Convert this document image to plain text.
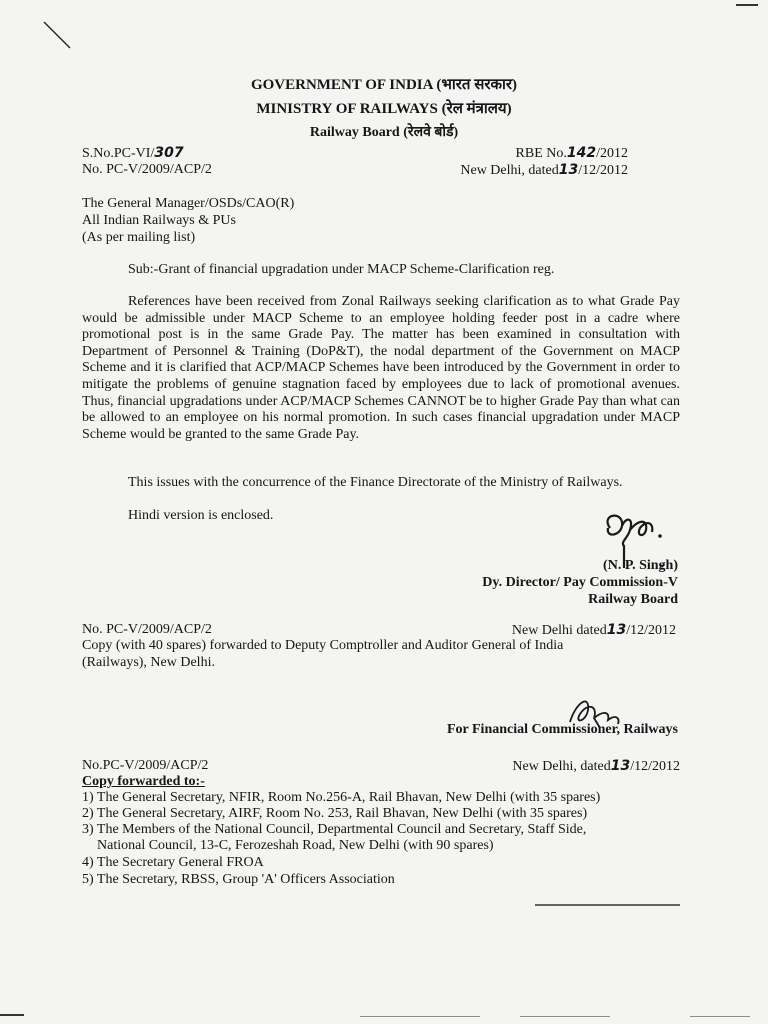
GOVERNMENT OF INDIA (भारत सरकार)
MINISTRY OF RAILWAYS (रेल मंत्रालय)
Railway Board (रेलवे बोर्ड)
S.No.PC-VI/307
No. PC-V/2009/ACP/2
RBE No.142/2012
New Delhi, dated13/12/2012
The General Manager/OSDs/CAO(R)
All Indian Railways & PUs
(As per mailing list)
Sub:-Grant of financial upgradation under MACP Scheme-Clarification reg.
References have been received from Zonal Railways seeking clarification as to what Grade Pay would be admissible under MACP Scheme to an employee holding feeder post in a cadre where promotional post is in the same Grade Pay. The matter has been examined in consultation with Department of Personnel & Training (DoP&T), the nodal department of the Government on MACP Scheme and it is clarified that ACP/MACP Schemes have been introduced by the Government in order to mitigate the problems of genuine stagnation faced by employees due to lack of promotional avenues. Thus, financial upgradations under ACP/MACP Schemes CANNOT be to higher Grade Pay than what can be allowed to an employee on his normal promotion. In such cases financial upgradation under MACP Scheme would be granted to the same Grade Pay.
This issues with the concurrence of the Finance Directorate of the Ministry of Railways.
Hindi version is enclosed.
(N. P. Singh)
Dy. Director/ Pay Commission-V
Railway Board
No. PC-V/2009/ACP/2	New Delhi dated13/12/2012
Copy (with 40 spares) forwarded to Deputy Comptroller and Auditor General of India
(Railways), New Delhi.
For Financial Commissioner, Railways
No.PC-V/2009/ACP/2	New Delhi, dated13/12/2012
Copy forwarded to:-
1) The General Secretary, NFIR, Room No.256-A, Rail Bhavan, New Delhi (with 35 spares)
2) The General Secretary, AIRF, Room No. 253, Rail Bhavan, New Delhi (with 35 spares)
3) The Members of the National Council, Departmental Council and Secretary, Staff Side,
National Council, 13-C, Ferozeshah Road, New Delhi (with 90 spares)
4) The Secretary General FROA
5) The Secretary, RBSS, Group 'A' Officers Association
